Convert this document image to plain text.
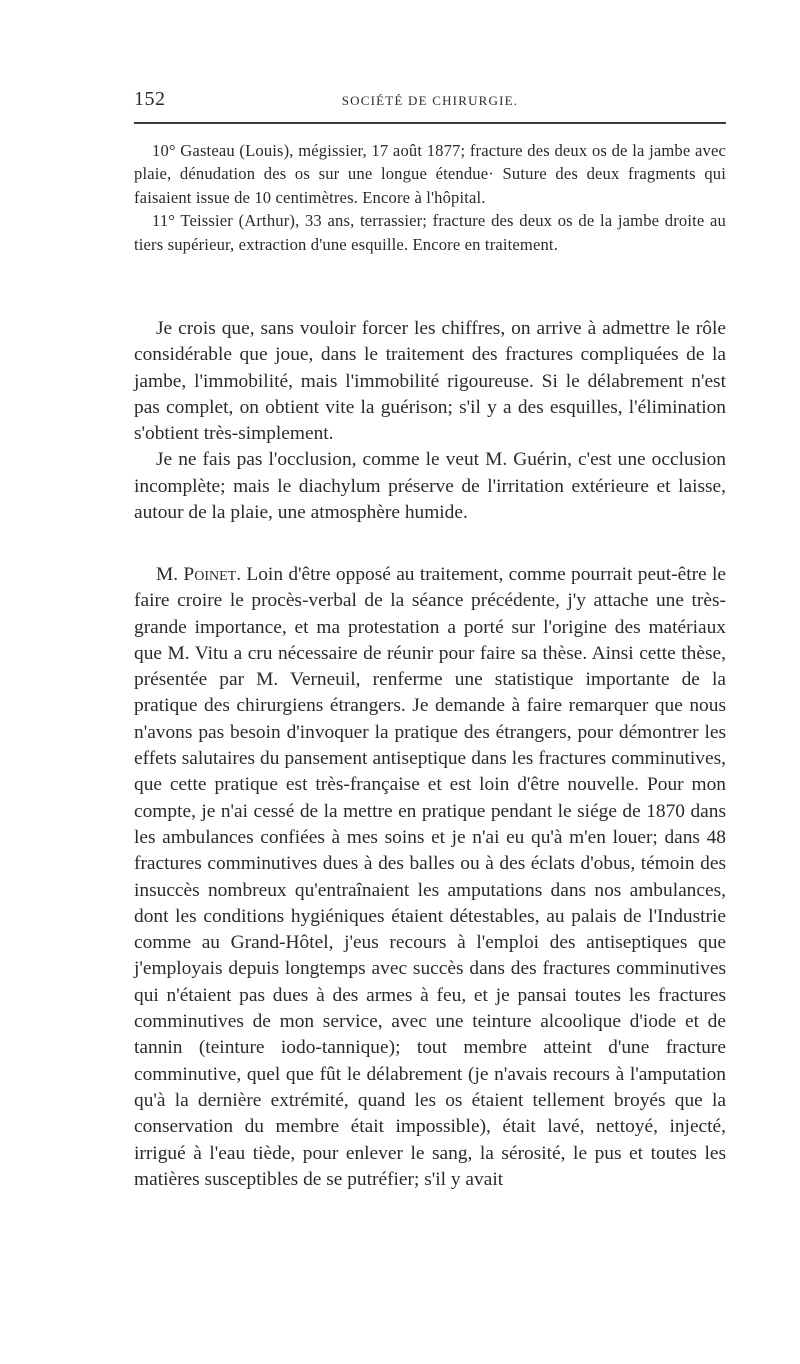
152	SOCIÉTÉ DE CHIRURGIE.

10° Gasteau (Louis), mégissier, 17 août 1877; fracture des deux os de la jambe avec plaie, dénudation des os sur une longue étendue· Suture des deux fragments qui faisaient issue de 10 centimètres. Encore à l'hôpital.

11° Teissier (Arthur), 33 ans, terrassier; fracture des deux os de la jambe droite au tiers supérieur, extraction d'une esquille. Encore en traitement.

Je crois que, sans vouloir forcer les chiffres, on arrive à admettre le rôle considérable que joue, dans le traitement des fractures compliquées de la jambe, l'immobilité, mais l'immobilité rigoureuse. Si le délabrement n'est pas complet, on obtient vite la guérison; s'il y a des esquilles, l'élimination s'obtient très-simplement.

Je ne fais pas l'occlusion, comme le veut M. Guérin, c'est une occlusion incomplète; mais le diachylum préserve de l'irritation extérieure et laisse, autour de la plaie, une atmosphère humide.

M. Poinet. Loin d'être opposé au traitement, comme pourrait peut-être le faire croire le procès-verbal de la séance précédente, j'y attache une très-grande importance, et ma protestation a porté sur l'origine des matériaux que M. Vitu a cru nécessaire de réunir pour faire sa thèse. Ainsi cette thèse, présentée par M. Verneuil, renferme une statistique importante de la pratique des chirurgiens étrangers. Je demande à faire remarquer que nous n'avons pas besoin d'invoquer la pratique des étrangers, pour démontrer les effets salutaires du pansement antiseptique dans les fractures comminutives, que cette pratique est très-française et est loin d'être nouvelle. Pour mon compte, je n'ai cessé de la mettre en pratique pendant le siége de 1870 dans les ambulances confiées à mes soins et je n'ai eu qu'à m'en louer; dans 48 fractures comminutives dues à des balles ou à des éclats d'obus, témoin des insuccès nombreux qu'entraînaient les amputations dans nos ambulances, dont les conditions hygiéniques étaient détestables, au palais de l'Industrie comme au Grand-Hôtel, j'eus recours à l'emploi des antiseptiques que j'employais depuis longtemps avec succès dans des fractures comminutives qui n'étaient pas dues à des armes à feu, et je pansai toutes les fractures comminutives de mon service, avec une teinture alcoolique d'iode et de tannin (teinture iodo-tannique); tout membre atteint d'une fracture comminutive, quel que fût le délabrement (je n'avais recours à l'amputation qu'à la dernière extrémité, quand les os étaient tellement broyés que la conservation du membre était impossible), était lavé, nettoyé, injecté, irrigué à l'eau tiède, pour enlever le sang, la sérosité, le pus et toutes les matières susceptibles de se putréfier; s'il y avait
